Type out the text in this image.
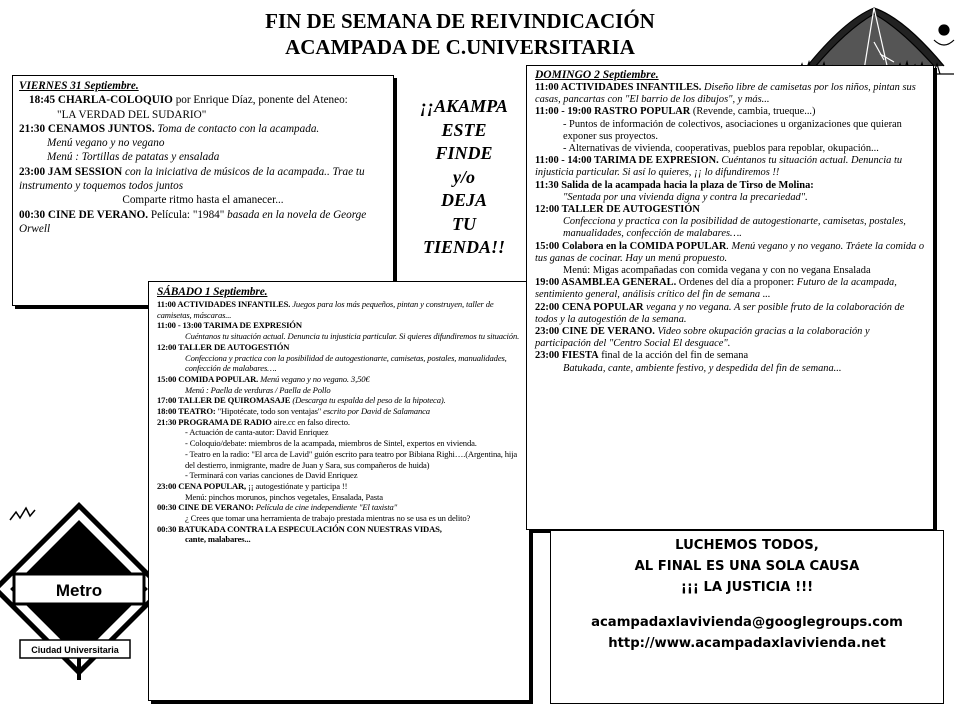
FIN DE SEMANA DE REIVINDICACIÓN
ACAMPADA DE C.UNIVERSITARIA
VIERNES 31 Septiembre.
18:45 CHARLA-COLOQUIO por Enrique Díaz, ponente del Ateneo:
"LA VERDAD DEL SUDARIO"
21:30 CENAMOS JUNTOS. Toma de contacto con la acampada.
Menú vegano y no vegano
Menú : Tortillas de patatas y ensalada
23:00 JAM SESSION con la iniciativa de músicos de la acampada.. Trae tu instrumento y toquemos todos juntos
Comparte ritmo hasta el amanecer...
00:30 CINE DE VERANO. Película: "1984" basada en la novela de George Orwell
¡¡AKAMPA
ESTE
FINDE
y/o
DEJA
TU
TIENDA!!
Metro
Ciudad Universitaria
SÁBADO 1 Septiembre.
11:00 ACTIVIDADES INFANTILES. Juegos para los más pequeños, pintan y construyen, taller de camisetas, máscaras...
11:00 - 13:00 TARIMA DE EXPRESIÓN
Cuéntanos tu situación actual. Denuncia tu injusticia particular. Si quieres difundiremos tu situación.
12:00 TALLER DE AUTOGESTIÓN
Confecciona y practica con la posibilidad de autogestionarte, camisetas, postales, manualidades, confección de malabares….
15:00 COMIDA POPULAR. Menú vegano y no vegano. 3,50€
Menú : Paella de verduras / Paella de Pollo
17:00 TALLER DE QUIROMASAJE (Descarga tu espalda del peso de la hipoteca).
18:00 TEATRO: "Hipotécate, todo son ventajas" escrito por David de Salamanca
21:30 PROGRAMA DE RADIO aire.cc en falso directo.
- Actuación de canta-autor: David Enriquez
- Coloquio/debate: miembros de la acampada, miembros de Sintel, expertos en vivienda.
- Teatro en la radio: "El arca de Lavid" guión escrito para teatro por Bibiana Righi….(Argentina, hija del destierro, inmigrante, madre de Juan y Sara, sus compañeros de huida)
- Terminará con varias canciones de David Enriquez
23:00 CENA POPULAR, ¡¡ autogestiónate y participa !!
Menú: pinchos morunos, pinchos vegetales, Ensalada, Pasta
00:30 CINE DE VERANO: Película de cine independiente "El taxista"
¿ Crees que tomar una herramienta de trabajo prestada mientras no se usa es un delito?
00:30 BATUKADA CONTRA LA ESPECULACIÓN CON NUESTRAS VIDAS,
cante, malabares...
DOMINGO 2 Septiembre.
11:00 ACTIVIDADES INFANTILES. Diseño libre de camisetas por los niños, pintan sus casas, pancartas con "El barrio de los dibujos", y más...
11:00 - 19:00 RASTRO POPULAR (Revende, cambia, trueque...)
- Puntos de información de colectivos, asociaciones u organizaciones que quieran exponer sus proyectos.
- Alternativas de vivienda, cooperativas, pueblos para repoblar, okupación...
11:00 - 14:00 TARIMA DE EXPRESION. Cuéntanos tu situación actual. Denuncia tu injusticia particular. Si así lo quieres, ¡¡ lo difundiremos !!
11:30 Salida de la acampada hacia la plaza de Tirso de Molina:
"Sentada por una vivienda digna y contra la precariedad".
12:00 TALLER DE AUTOGESTIÓN
Confecciona y practica con la posibilidad de autogestionarte, camisetas, postales, manualidades, confección de malabares….
15:00 Colabora en la COMIDA POPULAR. Menú vegano y no vegano. Tráete la comida o tus ganas de cocinar. Hay un menú propuesto.
Menú: Migas acompañadas con comida vegana y con no vegana Ensalada
19:00 ASAMBLEA GENERAL. Ordenes del día a proponer: Futuro de la acampada, sentimiento general, análisis crítico del fin de semana ...
22:00 CENA POPULAR vegana y no vegana. A ser posible fruto de la colaboración de todos y la autogestión de la semana.
23:00 CINE DE VERANO. Video sobre okupación gracias a la colaboración y participación del "Centro Social El desguace".
23:00 FIESTA final de la acción del fin de semana
Batukada, cante, ambiente festivo, y despedida del fin de semana...
LUCHEMOS TODOS,
AL FINAL ES UNA SOLA CAUSA
¡¡¡ LA JUSTICIA !!!
acampadaxlavivienda@googlegroups.com
http://www.acampadaxlavivienda.net
